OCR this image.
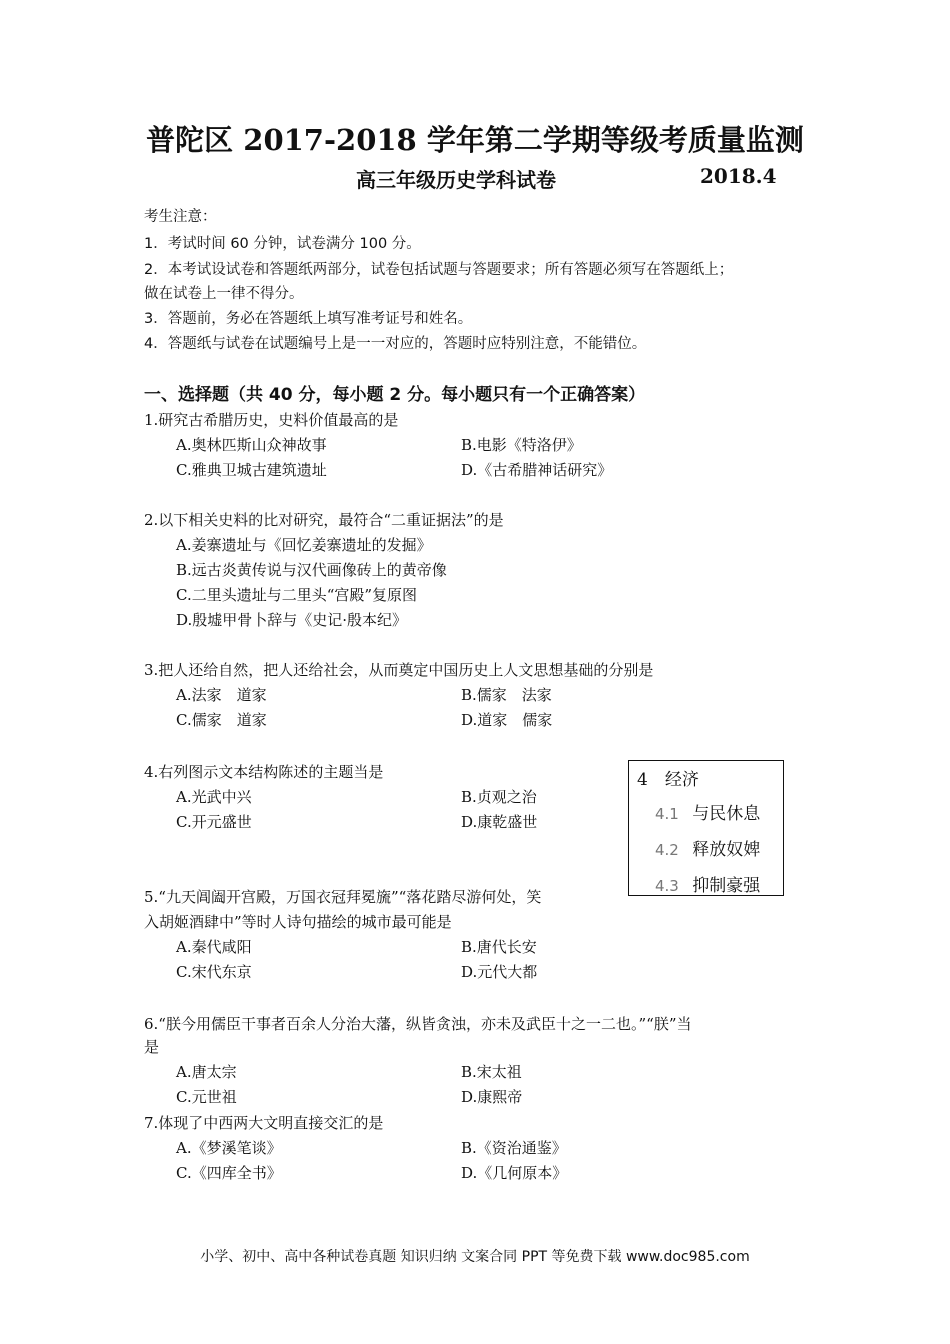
普陀区 2017-2018 学年第二学期等级考质量监测
高三年级历史学科试卷	2018.4
考生注意：
1．考试时间 60 分钟，试卷满分 100 分。
2．本考试设试卷和答题纸两部分，试卷包括试题与答题要求；所有答题必须写在答题纸上；
做在试卷上一律不得分。
3．答题前，务必在答题纸上填写准考证号和姓名。
4．答题纸与试卷在试题编号上是一一对应的，答题时应特别注意，不能错位。
一、选择题（共 40 分，每小题 2 分。每小题只有一个正确答案）
1.研究古希腊历史，史料价值最高的是
A.奥林匹斯山众神故事	B.电影《特洛伊》
C.雅典卫城古建筑遗址	D.《古希腊神话研究》
2.以下相关史料的比对研究，最符合“二重证据法”的是
A.姜寨遗址与《回忆姜寨遗址的发掘》
B.远古炎黄传说与汉代画像砖上的黄帝像
C.二里头遗址与二里头“宫殿”复原图
D.殷墟甲骨卜辞与《史记·殷本纪》
3.把人还给自然，把人还给社会，从而奠定中国历史上人文思想基础的分别是
A.法家　道家	B.儒家　法家
C.儒家　道家	D.道家　儒家
4.右列图示文本结构陈述的主题当是
A.光武中兴	B.贞观之治
C.开元盛世	D.康乾盛世
4　经济
4.1 与民休息
4.2 释放奴婢
4.3 抑制豪强
5.“九天阊阖开宫殿，万国衣冠拜冕旒”“落花踏尽游何处，笑
入胡姬酒肆中”等时人诗句描绘的城市最可能是
A.秦代咸阳	B.唐代长安
C.宋代东京	D.元代大都
6.“朕今用儒臣干事者百余人分治大藩，纵皆贪浊，亦未及武臣十之一二也。”“朕”当
是
A.唐太宗	B.宋太祖
C.元世祖	D.康熙帝
7.体现了中西两大文明直接交汇的是
A.《梦溪笔谈》	B.《资治通鉴》
C.《四库全书》	D.《几何原本》
小学、初中、高中各种试卷真题 知识归纳 文案合同 PPT 等免费下载 www.doc985.com
